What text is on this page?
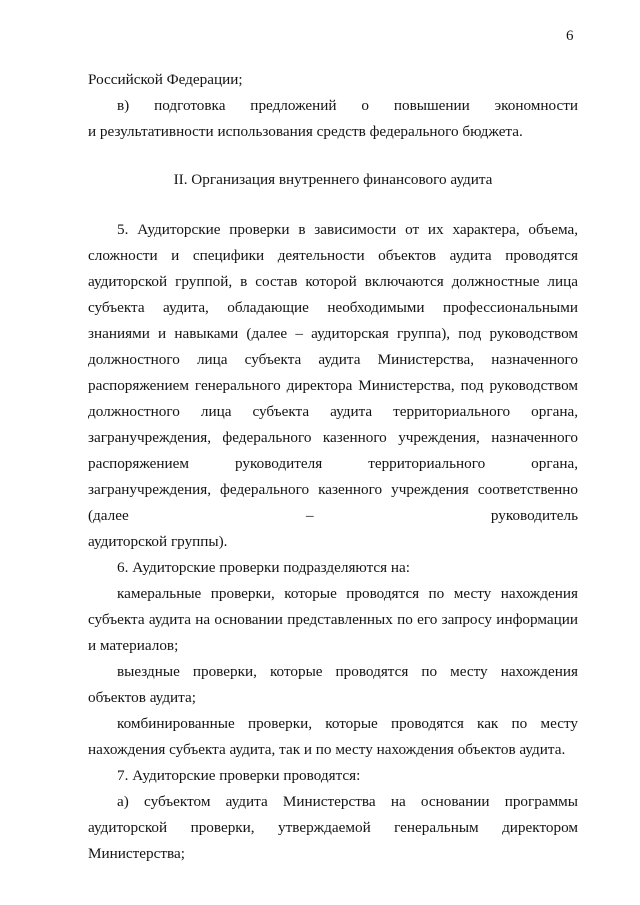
6

Российской Федерации;

в) подготовка предложений о повышении экономности

и результативности использования средств федерального бюджета.

II. Организация внутреннего финансового аудита

5. Аудиторские проверки в зависимости от их характера, объема, сложности и специфики деятельности объектов аудита проводятся аудиторской группой, в состав которой включаются должностные лица субъекта аудита, обладающие необходимыми профессиональными знаниями и навыками (далее – аудиторская группа), под руководством должностного лица субъекта аудита Министерства, назначенного распоряжением генерального директора Министерства, под руководством должностного лица субъекта аудита территориального органа, загранучреждения, федерального казенного учреждения, назначенного распоряжением руководителя территориального органа, загранучреждения, федерального казенного учреждения соответственно (далее – руководитель

аудиторской группы).

6. Аудиторские проверки подразделяются на:

камеральные проверки, которые проводятся по месту нахождения субъекта аудита на основании представленных по его запросу информации

и материалов;

выездные проверки, которые проводятся по месту нахождения

объектов аудита;

комбинированные проверки, которые проводятся как по месту

нахождения субъекта аудита, так и по месту нахождения объектов аудита.

7. Аудиторские проверки проводятся:

а) субъектом аудита Министерства на основании программы аудиторской проверки, утверждаемой генеральным директором

Министерства;
